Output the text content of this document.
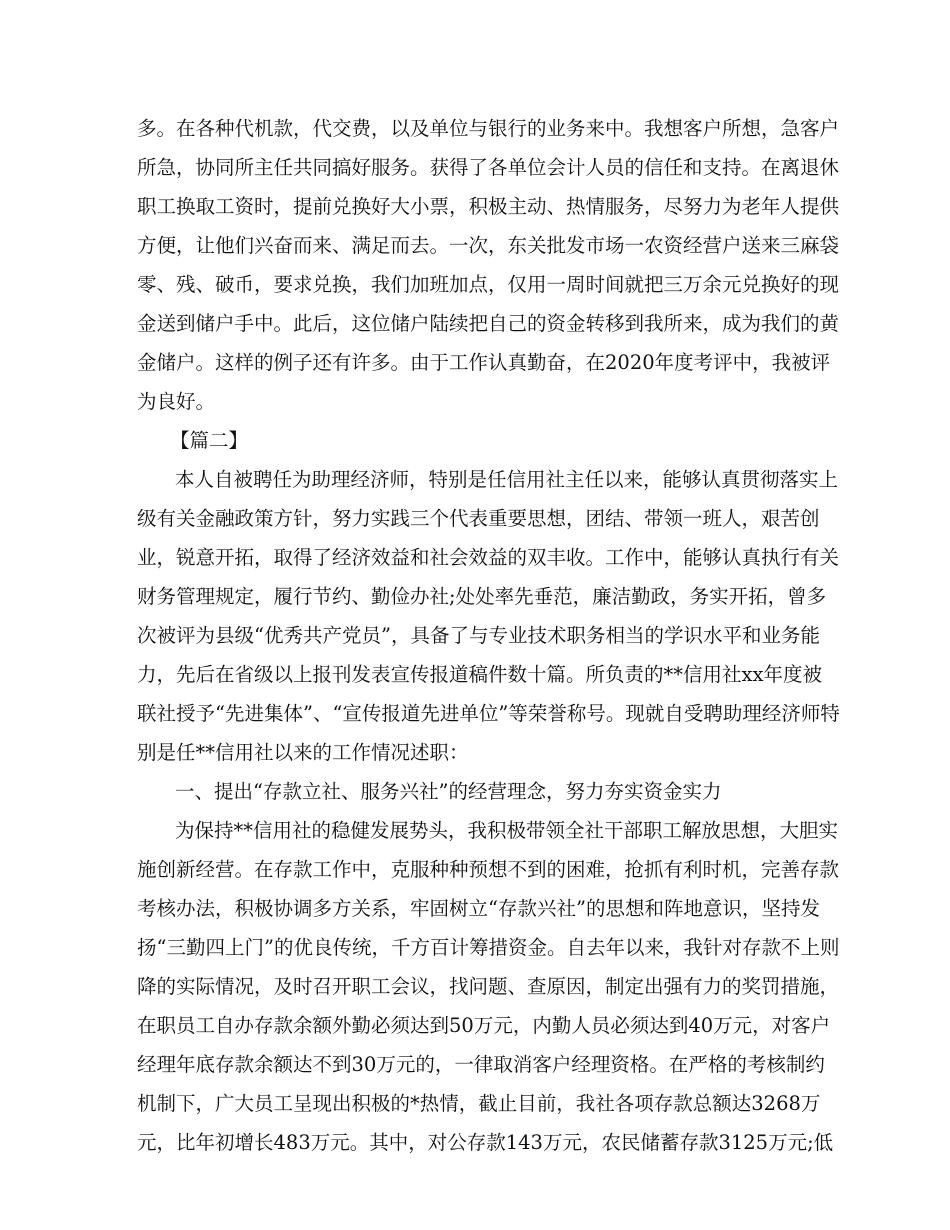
多。在各种代机款，代交费，以及单位与银行的业务来中。我想客户所想，急客户
所急，协同所主任共同搞好服务。获得了各单位会计人员的信任和支持。在离退休
职工换取工资时，提前兑换好大小票，积极主动、热情服务，尽努力为老年人提供
方便，让他们兴奋而来、满足而去。一次，东关批发市场一农资经营户送来三麻袋
零、残、破币，要求兑换，我们加班加点，仅用一周时间就把三万余元兑换好的现
金送到储户手中。此后，这位储户陆续把自己的资金转移到我所来，成为我们的黄
金储户。这样的例子还有许多。由于工作认真勤奋，在2020年度考评中，我被评
为良好。
【篇二】
本人自被聘任为助理经济师，特别是任信用社主任以来，能够认真贯彻落实上
级有关金融政策方针，努力实践三个代表重要思想，团结、带领一班人，艰苦创
业，锐意开拓，取得了经济效益和社会效益的双丰收。工作中，能够认真执行有关
财务管理规定，履行节约、勤俭办社;处处率先垂范，廉洁勤政，务实开拓，曾多
次被评为县级“优秀共产党员”，具备了与专业技术职务相当的学识水平和业务能
力，先后在省级以上报刊发表宣传报道稿件数十篇。所负责的**信用社xx年度被
联社授予“先进集体”、“宣传报道先进单位”等荣誉称号。现就自受聘助理经济师特
别是任**信用社以来的工作情况述职：
一、提出“存款立社、服务兴社”的经营理念，努力夯实资金实力
为保持**信用社的稳健发展势头，我积极带领全社干部职工解放思想，大胆实
施创新经营。在存款工作中，克服种种预想不到的困难，抢抓有利时机，完善存款
考核办法，积极协调多方关系，牢固树立“存款兴社”的思想和阵地意识，坚持发
扬“三勤四上门”的优良传统，千方百计筹措资金。自去年以来，我针对存款不上则
降的实际情况，及时召开职工会议，找问题、查原因，制定出强有力的奖罚措施，
在职员工自办存款余额外勤必须达到50万元，内勤人员必须达到40万元，对客户
经理年底存款余额达不到30万元的，一律取消客户经理资格。在严格的考核制约
机制下，广大员工呈现出积极的*热情，截止目前，我社各项存款总额达3268万
元，比年初增长483万元。其中，对公存款143万元，农民储蓄存款3125万元;低
